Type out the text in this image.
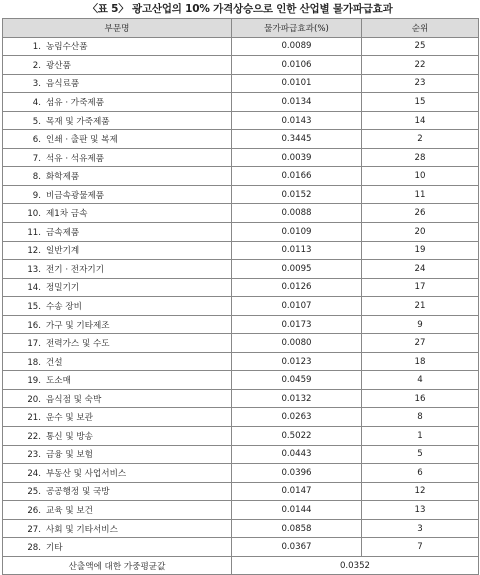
〈표 5〉 광고산업의 10% 가격상승으로 인한 산업별 물가파급효과
부문명	물가파급효과(%)	순위
1. 농림수산품	0.0089	25
2. 광산품	0.0106	22
3. 음식료품	0.0101	23
4. 섬유 · 가죽제품	0.0134	15
5. 목재 및 가죽제품	0.0143	14
6. 인쇄 · 출판 및 복제	0.3445	2
7. 석유 · 석유제품	0.0039	28
8. 화학제품	0.0166	10
9. 비금속광물제품	0.0152	11
10. 제1차 금속	0.0088	26
11. 금속제품	0.0109	20
12. 일반기계	0.0113	19
13. 전기 · 전자기기	0.0095	24
14. 정밀기기	0.0126	17
15. 수송 장비	0.0107	21
16. 가구 및 기타제조	0.0173	9
17. 전력가스 및 수도	0.0080	27
18. 건설	0.0123	18
19. 도소매	0.0459	4
20. 음식점 및 숙박	0.0132	16
21. 운수 및 보관	0.0263	8
22. 통신 및 방송	0.5022	1
23. 금융 및 보험	0.0443	5
24. 부동산 및 사업서비스	0.0396	6
25. 공공행정 및 국방	0.0147	12
26. 교육 및 보건	0.0144	13
27. 사회 및 기타서비스	0.0858	3
28. 기타	0.0367	7
산출액에 대한 가중평균값	0.0352	
